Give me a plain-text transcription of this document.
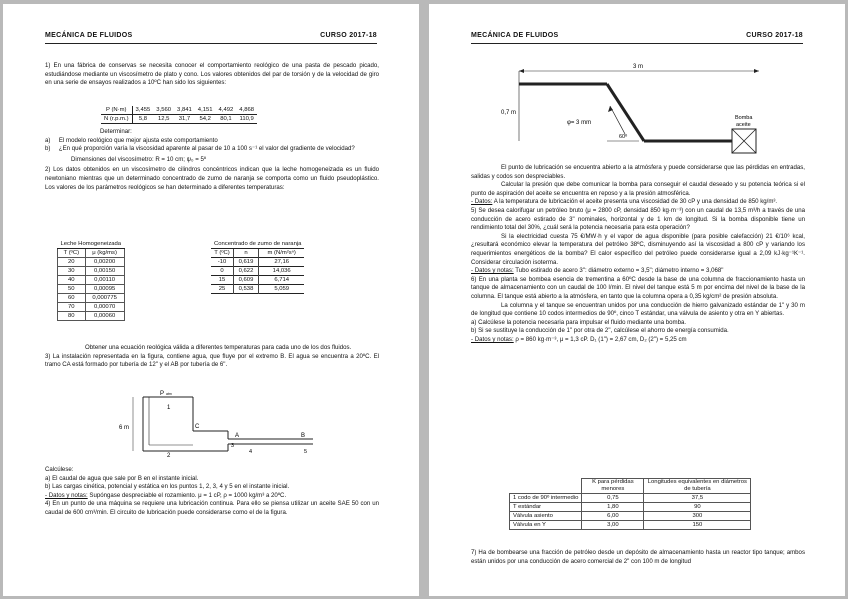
MECÁNICA DE FLUIDOS	CURSO 2017-18

1) En una fábrica de conservas se necesita conocer el comportamiento reológico de una pasta de pescado picado, estudiándose mediante un viscosímetro de plato y cono. Los valores obtenidos del par de torsión y de la velocidad de giro en una serie de ensayos realizados a 10ºC han sido los siguientes:

P (N·m)	3,455	3,560	3,841	4,151	4,492	4,868
N (r.p.m.)	5,8	12,5	31,7	54,2	80,1	110,9

Determinar:

a) El modelo reológico que mejor ajusta este comportamiento

b) ¿En qué proporción varía la viscosidad aparente al pasar de 10 a 100 s⁻¹ el valor del gradiente de velocidad?

Dimensiones del viscosímetro: R = 10 cm; ψ₀ = 5º

2) Los datos obtenidos en un viscosímetro de cilindros concéntricos indican que la leche homogeneizada es un fluido newtoniano mientras que un determinado concentrado de zumo de naranja se comporta como un fluido pseudoplástico. Los valores de los parámetros reológicos se han determinado a diferentes temperaturas:

Leche Homogeneizada	
T (ºC)	μ (kg/ms)
20	0,00200
30	0,00150
40	0,00110
50	0,00095
60	0,000775
70	0,00070
80	0,00060
Concentrado de zumo de naranja		
T (ºC)	n	m (N/m²sⁿ)
-10	0,619	27,16
0	0,622	14,036
15	0,609	6,714
25	0,538	5,059

Obtener una ecuación reológica válida a diferentes temperaturas para cada uno de los dos fluidos.

3) La instalación representada en la figura, contiene agua, que fluye por el extremo B. El agua se encuentra a 20ºC. El tramo CA está formado por tubería de 12" y el AB por tubería de 6".

6 m
P atm
1
2
C
A
3
4
B
5

Calcúlese:

a) El caudal de agua que sale por B en el instante inicial.

b) Las cargas cinética, potencial y estática en los puntos 1, 2, 3, 4 y 5 en el instante inicial.

- Datos y notas: Supóngase despreciable el rozamiento. μ = 1 cP, ρ = 1000 kg/m³ a 20ºC.

4) En un punto de una máquina se requiere una lubricación continua. Para ello se piensa utilizar un aceite SAE 50 con un caudal de 600 cm³/min. El circuito de lubricación puede considerarse como el de la figura.

MECÁNICA DE FLUIDOS	CURSO 2017-18
3 m
0,7 m
φ= 3 mm
60º
Bomba
aceite

El punto de lubricación se encuentra abierto a la atmósfera y puede considerarse que las pérdidas en entradas, salidas y codos son despreciables.

Calcular la presión que debe comunicar la bomba para conseguir el caudal deseado y su potencia teórica si el punto de aspiración del aceite se encuentra en reposo y a la presión atmosférica.

- Datos: A la temperatura de lubricación el aceite presenta una viscosidad de 30 cP y una densidad de 850 kg/m³.

5) Se desea calorifugar un petróleo bruto (μ = 2800 cP, densidad 850 kg·m⁻³) con un caudal de 13,5 m³/h a través de una conducción de acero estirado de 3" nominales, horizontal y de 1 km de longitud. Si la bomba disponible tiene un rendimiento total del 30%, ¿cuál será la potencia necesaria para esta operación?

Si la electricidad cuesta 75 €/MW·h y el vapor de agua disponible (para posible calefacción) 21 €/10⁶ kcal, ¿resultará económico elevar la temperatura del petróleo 38ºC, disminuyendo así la viscosidad a 800 cP y variando los requerimientos energéticos de la bomba? El calor específico del petróleo puede considerarse igual a 2,09 kJ·kg⁻¹K⁻¹. Considerar circulación isoterma.

- Datos y notas: Tubo estirado de acero 3": diámetro externo = 3,5"; diámetro interno = 3,068"

6) En una planta se bombea esencia de trementina a 60ºC desde la base de una columna de fraccionamiento hasta un tanque de almacenamiento con un caudal de 100 l/min. El nivel del tanque está 5 m por encima del nivel de la base de la columna. El tanque está abierto a la atmósfera, en tanto que la columna opera a 0,35 kg/cm² de presión absoluta.

La columna y el tanque se encuentran unidos por una conducción de hierro galvanizado estándar de 1" y 30 m de longitud que contiene 10 codos intermedios de 90º, cinco T estándar, una válvula de asiento y otra en Y abiertas.

a) Calcúlese la potencia necesaria para impulsar el fluido mediante una bomba.

b) Si se sustituye la conducción de 1" por otra de 2", calcúlese el ahorro de energía consumida.

- Datos y notas: ρ = 860 kg·m⁻³, μ = 1,3 cP. D₁ (1") = 2,67 cm, D₂ (2") = 5,25 cm

	K para pérdidas menores	Longitudes equivalentes en diámetros de tubería
1 codo de 90º intermedio	0,75	37,5
T estándar	1,80	90
Válvula asiento	6,00	300
Válvula en Y	3,00	150

7) Ha de bombearse una fracción de petróleo desde un depósito de almacenamiento hasta un reactor tipo tanque; ambos están unidos por una conducción de acero comercial de 2" con 100 m de longitud
